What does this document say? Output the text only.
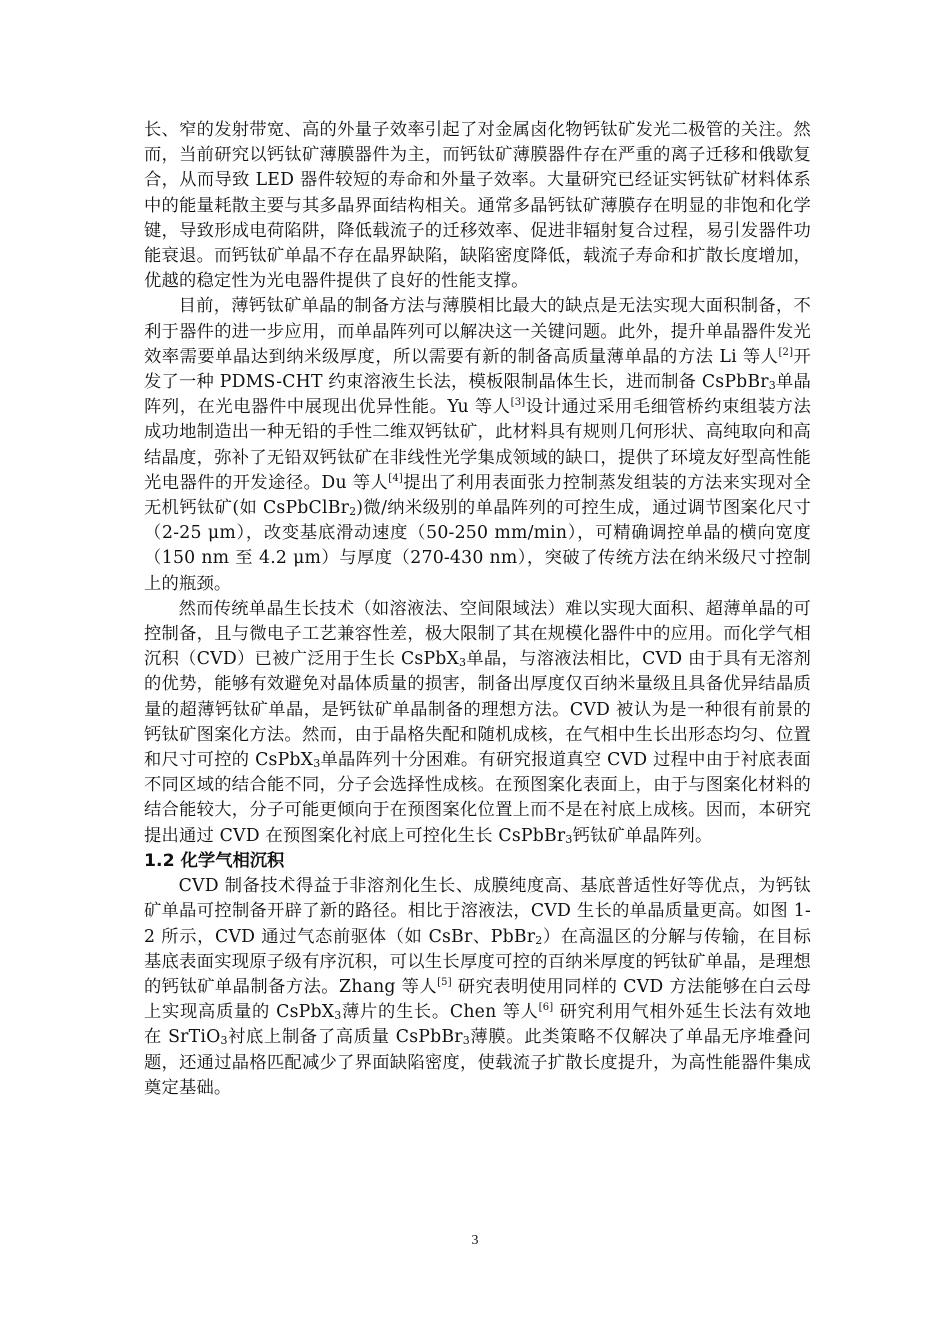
长、窄的发射带宽、高的外量子效率引起了对金属卤化物钙钛矿发光二极管的关注。然而，当前研究以钙钛矿薄膜器件为主，而钙钛矿薄膜器件存在严重的离子迁移和俄歇复合，从而导致 LED 器件较短的寿命和外量子效率。大量研究已经证实钙钛矿材料体系中的能量耗散主要与其多晶界面结构相关。通常多晶钙钛矿薄膜存在明显的非饱和化学键，导致形成电荷陷阱，降低载流子的迁移效率、促进非辐射复合过程，易引发器件功能衰退。而钙钛矿单晶不存在晶界缺陷，缺陷密度降低，载流子寿命和扩散长度增加，优越的稳定性为光电器件提供了良好的性能支撑。

目前，薄钙钛矿单晶的制备方法与薄膜相比最大的缺点是无法实现大面积制备，不利于器件的进一步应用，而单晶阵列可以解决这一关键问题。此外，提升单晶器件发光效率需要单晶达到纳米级厚度，所以需要有新的制备高质量薄单晶的方法 Li 等人[2]开发了一种 PDMS-CHT 约束溶液生长法，模板限制晶体生长，进而制备 CsPbBr$_3$单晶阵列，在光电器件中展现出优异性能。Yu 等人[3]设计通过采用毛细管桥约束组装方法成功地制造出一种无铅的手性二维双钙钛矿，此材料具有规则几何形状、高纯取向和高结晶度，弥补了无铅双钙钛矿在非线性光学集成领域的缺口，提供了环境友好型高性能光电器件的开发途径。Du 等人[4]提出了利用表面张力控制蒸发组装的方法来实现对全无机钙钛矿(如 CsPbClBr$_2$)微/纳米级别的单晶阵列的可控生成，通过调节图案化尺寸（2-25 μm），改变基底滑动速度（50-250 mm/min），可精确调控单晶的横向宽度（150 nm 至 4.2 μm）与厚度（270-430 nm），突破了传统方法在纳米级尺寸控制上的瓶颈。

然而传统单晶生长技术（如溶液法、空间限域法）难以实现大面积、超薄单晶的可控制备，且与微电子工艺兼容性差，极大限制了其在规模化器件中的应用。而化学气相沉积（CVD）已被广泛用于生长 CsPbX$_3$单晶，与溶液法相比，CVD 由于具有无溶剂的优势，能够有效避免对晶体质量的损害，制备出厚度仅百纳米量级且具备优异结晶质量的超薄钙钛矿单晶，是钙钛矿单晶制备的理想方法。CVD 被认为是一种很有前景的钙钛矿图案化方法。然而，由于晶格失配和随机成核，在气相中生长出形态均匀、位置和尺寸可控的 CsPbX$_3$单晶阵列十分困难。有研究报道真空 CVD 过程中由于衬底表面不同区域的结合能不同，分子会选择性成核。在预图案化表面上，由于与图案化材料的结合能较大，分子可能更倾向于在预图案化位置上而不是在衬底上成核。因而，本研究提出通过 CVD 在预图案化衬底上可控化生长 CsPbBr$_3$钙钛矿单晶阵列。

1.2 化学气相沉积

CVD 制备技术得益于非溶剂化生长、成膜纯度高、基底普适性好等优点，为钙钛矿单晶可控制备开辟了新的路径。相比于溶液法，CVD 生长的单晶质量更高。如图 1-2 所示，CVD 通过气态前驱体（如 CsBr、PbBr$_2$）在高温区的分解与传输，在目标基底表面实现原子级有序沉积，可以生长厚度可控的百纳米厚度的钙钛矿单晶，是理想的钙钛矿单晶制备方法。Zhang 等人[5] 研究表明使用同样的 CVD 方法能够在白云母上实现高质量的 CsPbX$_3$薄片的生长。Chen 等人[6] 研究利用气相外延生长法有效地在 SrTiO$_3$衬底上制备了高质量 CsPbBr$_3$薄膜。此类策略不仅解决了单晶无序堆叠问题，还通过晶格匹配减少了界面缺陷密度，使载流子扩散长度提升，为高性能器件集成奠定基础。

3
